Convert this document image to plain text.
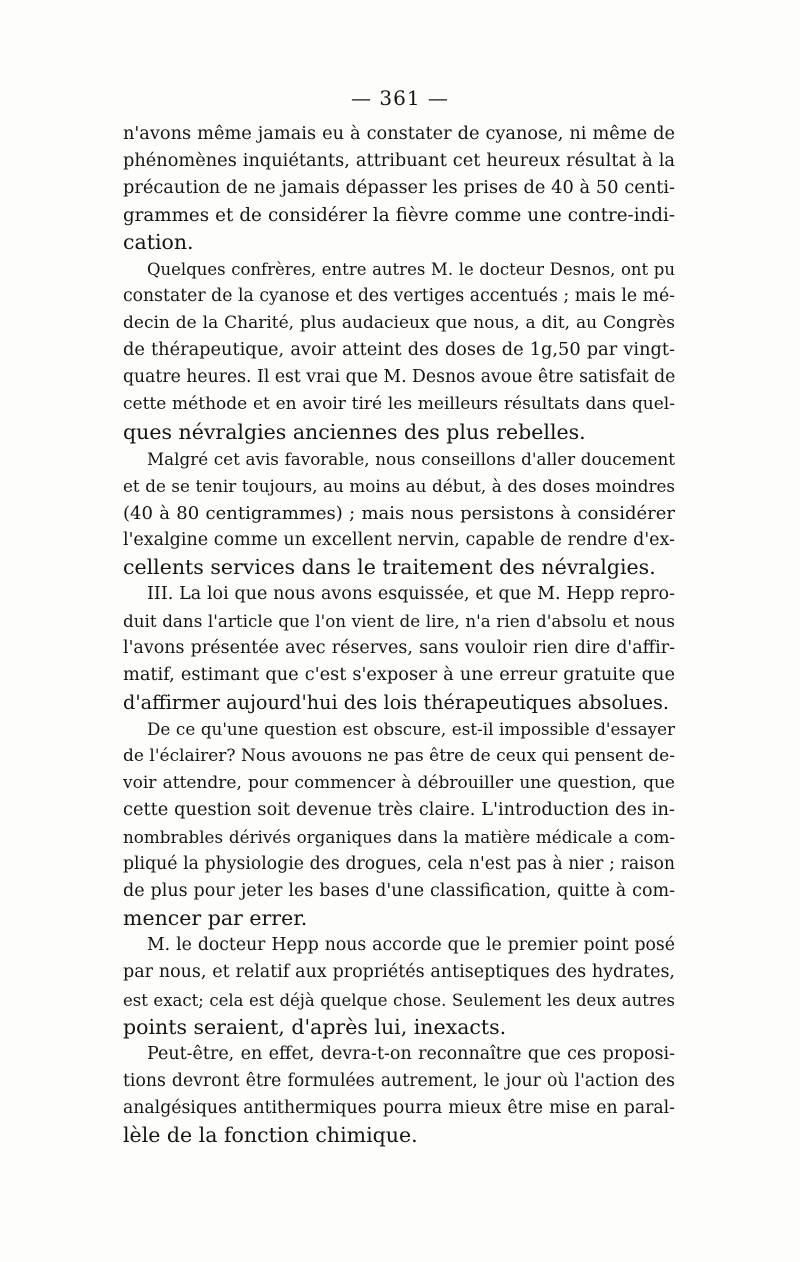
— 361 —
n'avons même jamais eu à constater de cyanose, ni même de
phénomènes inquiétants, attribuant cet heureux résultat à la
précaution de ne jamais dépasser les prises de 40 à 50 centi-
grammes et de considérer la fièvre comme une contre-indi-
cation.
Quelques confrères, entre autres M. le docteur Desnos, ont pu
constater de la cyanose et des vertiges accentués ; mais le mé-
decin de la Charité, plus audacieux que nous, a dit, au Congrès
de thérapeutique, avoir atteint des doses de 1g,50 par vingt-
quatre heures. Il est vrai que M. Desnos avoue être satisfait de
cette méthode et en avoir tiré les meilleurs résultats dans quel-
ques névralgies anciennes des plus rebelles.
Malgré cet avis favorable, nous conseillons d'aller doucement
et de se tenir toujours, au moins au début, à des doses moindres
(40 à 80 centigrammes) ; mais nous persistons à considérer
l'exalgine comme un excellent nervin, capable de rendre d'ex-
cellents services dans le traitement des névralgies.
III. La loi que nous avons esquissée, et que M. Hepp repro-
duit dans l'article que l'on vient de lire, n'a rien d'absolu et nous
l'avons présentée avec réserves, sans vouloir rien dire d'affir-
matif, estimant que c'est s'exposer à une erreur gratuite que
d'affirmer aujourd'hui des lois thérapeutiques absolues.
De ce qu'une question est obscure, est-il impossible d'essayer
de l'éclairer? Nous avouons ne pas être de ceux qui pensent de-
voir attendre, pour commencer à débrouiller une question, que
cette question soit devenue très claire. L'introduction des in-
nombrables dérivés organiques dans la matière médicale a com-
pliqué la physiologie des drogues, cela n'est pas à nier ; raison
de plus pour jeter les bases d'une classification, quitte à com-
mencer par errer.
M. le docteur Hepp nous accorde que le premier point posé
par nous, et relatif aux propriétés antiseptiques des hydrates,
est exact; cela est déjà quelque chose. Seulement les deux autres
points seraient, d'après lui, inexacts.
Peut-être, en effet, devra-t-on reconnaître que ces proposi-
tions devront être formulées autrement, le jour où l'action des
analgésiques antithermiques pourra mieux être mise en paral-
lèle de la fonction chimique.
